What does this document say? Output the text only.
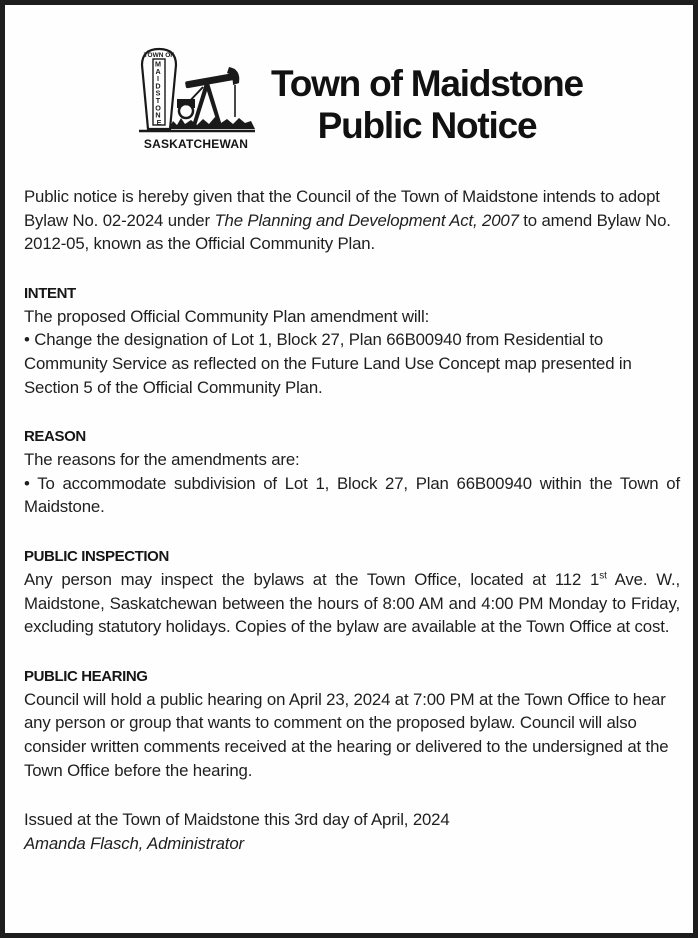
TOWN OF
M A I D S T O N E
SASKATCHEWAN
Town of Maidstone
Public Notice

Public notice is hereby given that the Council of the Town of Maidstone intends to adopt Bylaw No. 02-2024 under The Planning and Development Act, 2007 to amend Bylaw No. 2012-05, known as the Official Community Plan.

INTENT

The proposed Official Community Plan amendment will:

• Change the designation of Lot 1, Block 27, Plan 66B00940 from Residential to Community Service as reflected on the Future Land Use Concept map presented in Section 5 of the Official Community Plan.

REASON

The reasons for the amendments are:

• To accommodate subdivision of Lot 1, Block 27, Plan 66B00940 within the Town of Maidstone.

PUBLIC INSPECTION

Any person may inspect the bylaws at the Town Office, located at 112 1st Ave. W., Maidstone, Saskatchewan between the hours of 8:00 AM and 4:00 PM Monday to Friday, excluding statutory holidays. Copies of the bylaw are available at the Town Office at cost.

PUBLIC HEARING

Council will hold a public hearing on April 23, 2024 at 7:00 PM at the Town Office to hear any person or group that wants to comment on the proposed bylaw. Council will also consider written comments received at the hearing or delivered to the undersigned at the Town Office before the hearing.

Issued at the Town of Maidstone this 3rd day of April, 2024

Amanda Flasch, Administrator
